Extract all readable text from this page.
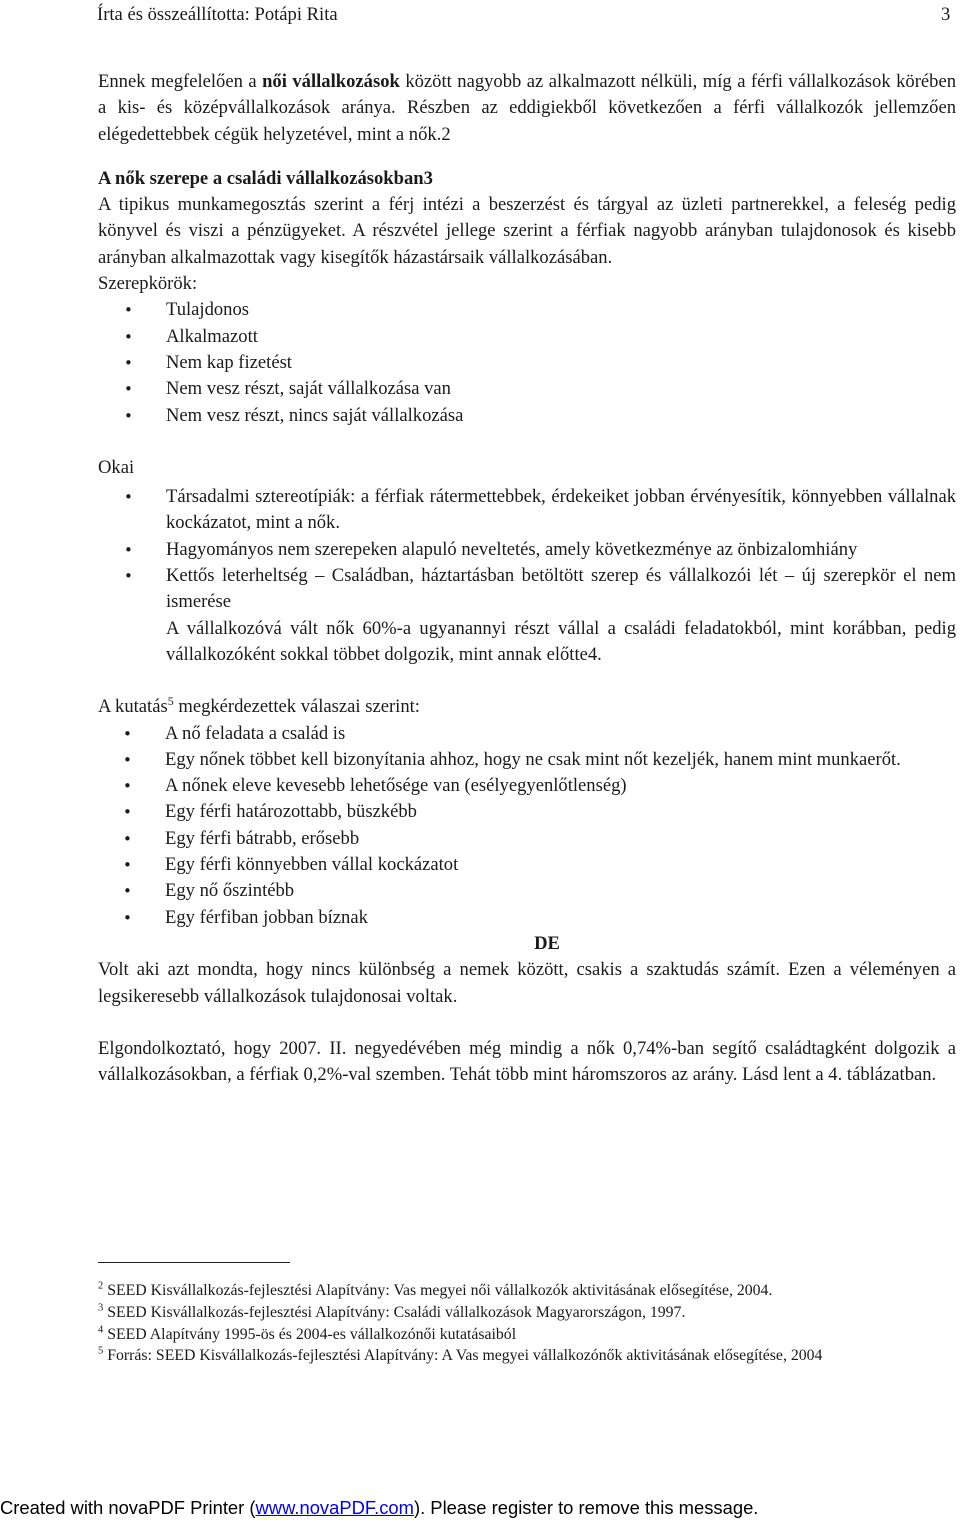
Írta és összeállította: Potápi Rita	3

Ennek megfelelően a női vállalkozások között nagyobb az alkalmazott nélküli, míg a férfi vállalkozások körében a kis- és középvállalkozások aránya. Részben az eddigiekből következően a férfi vállalkozók jellemzően elégedettebbek cégük helyzetével, mint a nők.2

A nők szerepe a családi vállalkozásokban3

A tipikus munkamegosztás szerint a férj intézi a beszerzést és tárgyal az üzleti partnerekkel, a feleség pedig könyvel és viszi a pénzügyeket. A részvétel jellege szerint a férfiak nagyobb arányban tulajdonosok és kisebb arányban alkalmazottak vagy kisegítők házastársaik vállalkozásában.

Szerepkörök:

• Tulajdonos
• Alkalmazott
• Nem kap fizetést
• Nem vesz részt, saját vállalkozása van
• Nem vesz részt, nincs saját vállalkozása

Okai

• Társadalmi sztereotípiák: a férfiak rátermettebbek, érdekeiket jobban érvényesítik, könnyebben vállalnak kockázatot, mint a nők.
• Hagyományos nem szerepeken alapuló neveltetés, amely következménye az önbizalomhiány
• Kettős leterheltség – Családban, háztartásban betöltött szerep és vállalkozói lét – új szerepkör el nem ismerése

A vállalkozóvá vált nők 60%-a ugyanannyi részt vállal a családi feladatokból, mint korábban, pedig vállalkozóként sokkal többet dolgozik, mint annak előtte4.

A kutatás$^5$ megkérdezettek válaszai szerint:

• A nő feladata a család is
• Egy nőnek többet kell bizonyítania ahhoz, hogy ne csak mint nőt kezeljék, hanem mint munkaerőt.
• A nőnek eleve kevesebb lehetősége van (esélyegyenlőtlenség)
• Egy férfi határozottabb, büszkébb
• Egy férfi bátrabb, erősebb
• Egy férfi könnyebben vállal kockázatot
• Egy nő őszintébb
• Egy férfiban jobban bíznak

DE

Volt aki azt mondta, hogy nincs különbség a nemek között, csakis a szaktudás számít. Ezen a véleményen a legsikeresebb vállalkozások tulajdonosai voltak.

Elgondolkoztató, hogy 2007. II. negyedévében még mindig a nők 0,74%-ban segítő családtagként dolgozik a vállalkozásokban, a férfiak 0,2%-val szemben. Tehát több mint háromszoros az arány. Lásd lent a 4. táblázatban.

$^2$ SEED Kisvállalkozás-fejlesztési Alapítvány: Vas megyei női vállalkozók aktivitásának elősegítése, 2004.

$^3$ SEED Kisvállalkozás-fejlesztési Alapítvány: Családi vállalkozások Magyarországon, 1997.

$^4$ SEED Alapítvány 1995-ös és 2004-es vállalkozónői kutatásaiból

$^5$ Forrás: SEED Kisvállalkozás-fejlesztési Alapítvány: A Vas megyei vállalkozónők aktivitásának elősegítése, 2004

Created with novaPDF Printer (www.novaPDF.com). Please register to remove this message.
